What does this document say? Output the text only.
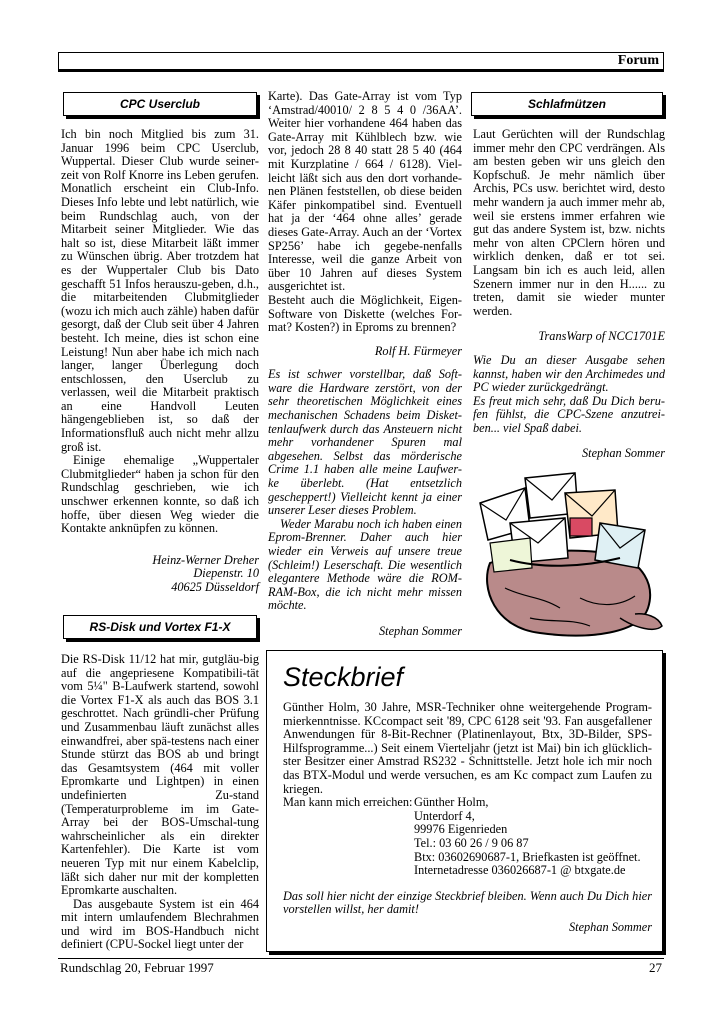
Forum
CPC Userclub

Ich bin noch Mitglied bis zum 31. Januar 1996 beim CPC Userclub, Wuppertal. Dieser Club wurde seiner-zeit von Rolf Knorre ins Leben gerufen. Monatlich erscheint ein Club-Info. Dieses Info lebte und lebt natürlich, wie beim Rundschlag auch, von der Mitarbeit seiner Mitglieder. Wie das halt so ist, diese Mitarbeit läßt immer zu Wünschen übrig. Aber trotzdem hat es der Wuppertaler Club bis Dato geschafft 51 Infos herauszu-geben, d.h., die mitarbeitenden Clubmitglieder (wozu ich mich auch zähle) haben dafür gesorgt, daß der Club seit über 4 Jahren besteht. Ich meine, dies ist schon eine Leistung! Nun aber habe ich mich nach langer, langer Überlegung doch entschlossen, den Userclub zu verlassen, weil die Mitarbeit praktisch an eine Handvoll Leuten hängengeblieben ist, so daß der Informationsfluß auch nicht mehr allzu groß ist.

Einige ehemalige „Wuppertaler Clubmitglieder“ haben ja schon für den Rundschlag geschrieben, wie ich unschwer erkennen konnte, so daß ich hoffe, über diesen Weg wieder die Kontakte anknüpfen zu können.

Heinz-Werner Dreher
Diepenstr. 10
40625 Düsseldorf
RS-Disk und Vortex F1-X

Die RS-Disk 11/12 hat mir, gutgläu-big auf die angepriesene Kompatibili-tät vom 5¼" B-Laufwerk startend, sowohl die Vortex F1-X als auch das BOS 3.1 geschrottet. Nach gründli-cher Prüfung und Zusammenbau läuft zunächst alles einwandfrei, aber spä-testens nach einer Stunde stürzt das BOS ab und bringt das Gesamtsystem (464 mit voller Epromkarte und Lightpen) in einen undefinierten Zu-stand (Temperaturprobleme im im Gate-Array bei der BOS-Umschal-tung wahrscheinlicher als ein direkter Kartenfehler). Die Karte ist vom neueren Typ mit nur einem Kabelclip, läßt sich daher nur mit der kompletten Epromkarte auschalten.

Das ausgebaute System ist ein 464 mit intern umlaufendem Blechrahmen und wird im BOS-Handbuch nicht definiert (CPU-Sockel liegt unter der

Karte). Das Gate-Array ist vom Typ ‘Amstrad/40010/ 2 8 5 4 0 /36AA’. Weiter hier vorhandene 464 haben das Gate-Array mit Kühlblech bzw. wie vor, jedoch 28 8 40 statt 28 5 40 (464 mit Kurzplatine / 664 / 6128). Viel-leicht läßt sich aus den dort vorhande-nen Plänen feststellen, ob diese beiden Käfer pinkompatibel sind. Eventuell hat ja der ‘464 ohne alles’ gerade dieses Gate-Array. Auch an der ‘Vortex SP256’ habe ich gegebe-nenfalls Interesse, weil die ganze Arbeit von über 10 Jahren auf dieses System ausgerichtet ist.

Besteht auch die Möglichkeit, Eigen-Software von Diskette (welches For-mat? Kosten?) in Eproms zu brennen?

Rolf H. Fürmeyer

Es ist schwer vorstellbar, daß Soft-ware die Hardware zerstört, von der sehr theoretischen Möglichkeit eines mechanischen Schadens beim Disket-tenlaufwerk durch das Ansteuern nicht mehr vorhandener Spuren mal abgesehen. Selbst das mörderische Crime 1.1 haben alle meine Laufwer-ke überlebt. (Hat entsetzlich gescheppert!) Vielleicht kennt ja einer unserer Leser dieses Problem.

Weder Marabu noch ich haben einen Eprom-Brenner. Daher auch hier wieder ein Verweis auf unsere treue (Schleim!) Leserschaft. Die wesentlich elegantere Methode wäre die ROM-RAM-Box, die ich nicht mehr missen möchte.

Stephan Sommer
Schlafmützen

Laut Gerüchten will der Rundschlag immer mehr den CPC verdrängen. Als am besten geben wir uns gleich den Kopfschuß. Je mehr nämlich über Archis, PCs usw. berichtet wird, desto mehr wandern ja auch immer mehr ab, weil sie erstens immer erfahren wie gut das andere System ist, bzw. nichts mehr von alten CPClern hören und wirklich denken, daß er tot sei. Langsam bin ich es auch leid, allen Szenern immer nur in den H...... zu treten, damit sie wieder munter werden.

TransWarp of NCC1701E

Wie Du an dieser Ausgabe sehen kannst, haben wir den Archimedes und PC wieder zurückgedrängt.

Es freut mich sehr, daß Du Dich beru-fen fühlst, die CPC-Szene anzutrei-ben... viel Spaß dabei.

Stephan Sommer
Steckbrief

Günther Holm, 30 Jahre, MSR-Techniker ohne weitergehende Program-mierkenntnisse. KCcompact seit '89, CPC 6128 seit '93. Fan ausgefallener Anwendungen für 8-Bit-Rechner (Platinenlayout, Btx, 3D-Bilder, SPS-Hilfsprogramme...) Seit einem Vierteljahr (jetzt ist Mai) bin ich glücklich-ster Besitzer einer Amstrad RS232 - Schnittstelle. Jetzt hole ich mir noch das BTX-Modul und werde versuchen, es am Kc compact zum Laufen zu kriegen.

Man kann mich erreichen: Günther Holm,
Unterdorf 4,
99976 Eigenrieden
Tel.: 03 60 26 / 9 06 87
Btx: 03602690687-1, Briefkasten ist geöffnet.
Internetadresse 036026687-1 @ btxgate.de

Das soll hier nicht der einzige Steckbrief bleiben. Wenn auch Du Dich hier vorstellen willst, her damit!

Stephan Sommer
Rundschlag 20, Februar 1997	27
